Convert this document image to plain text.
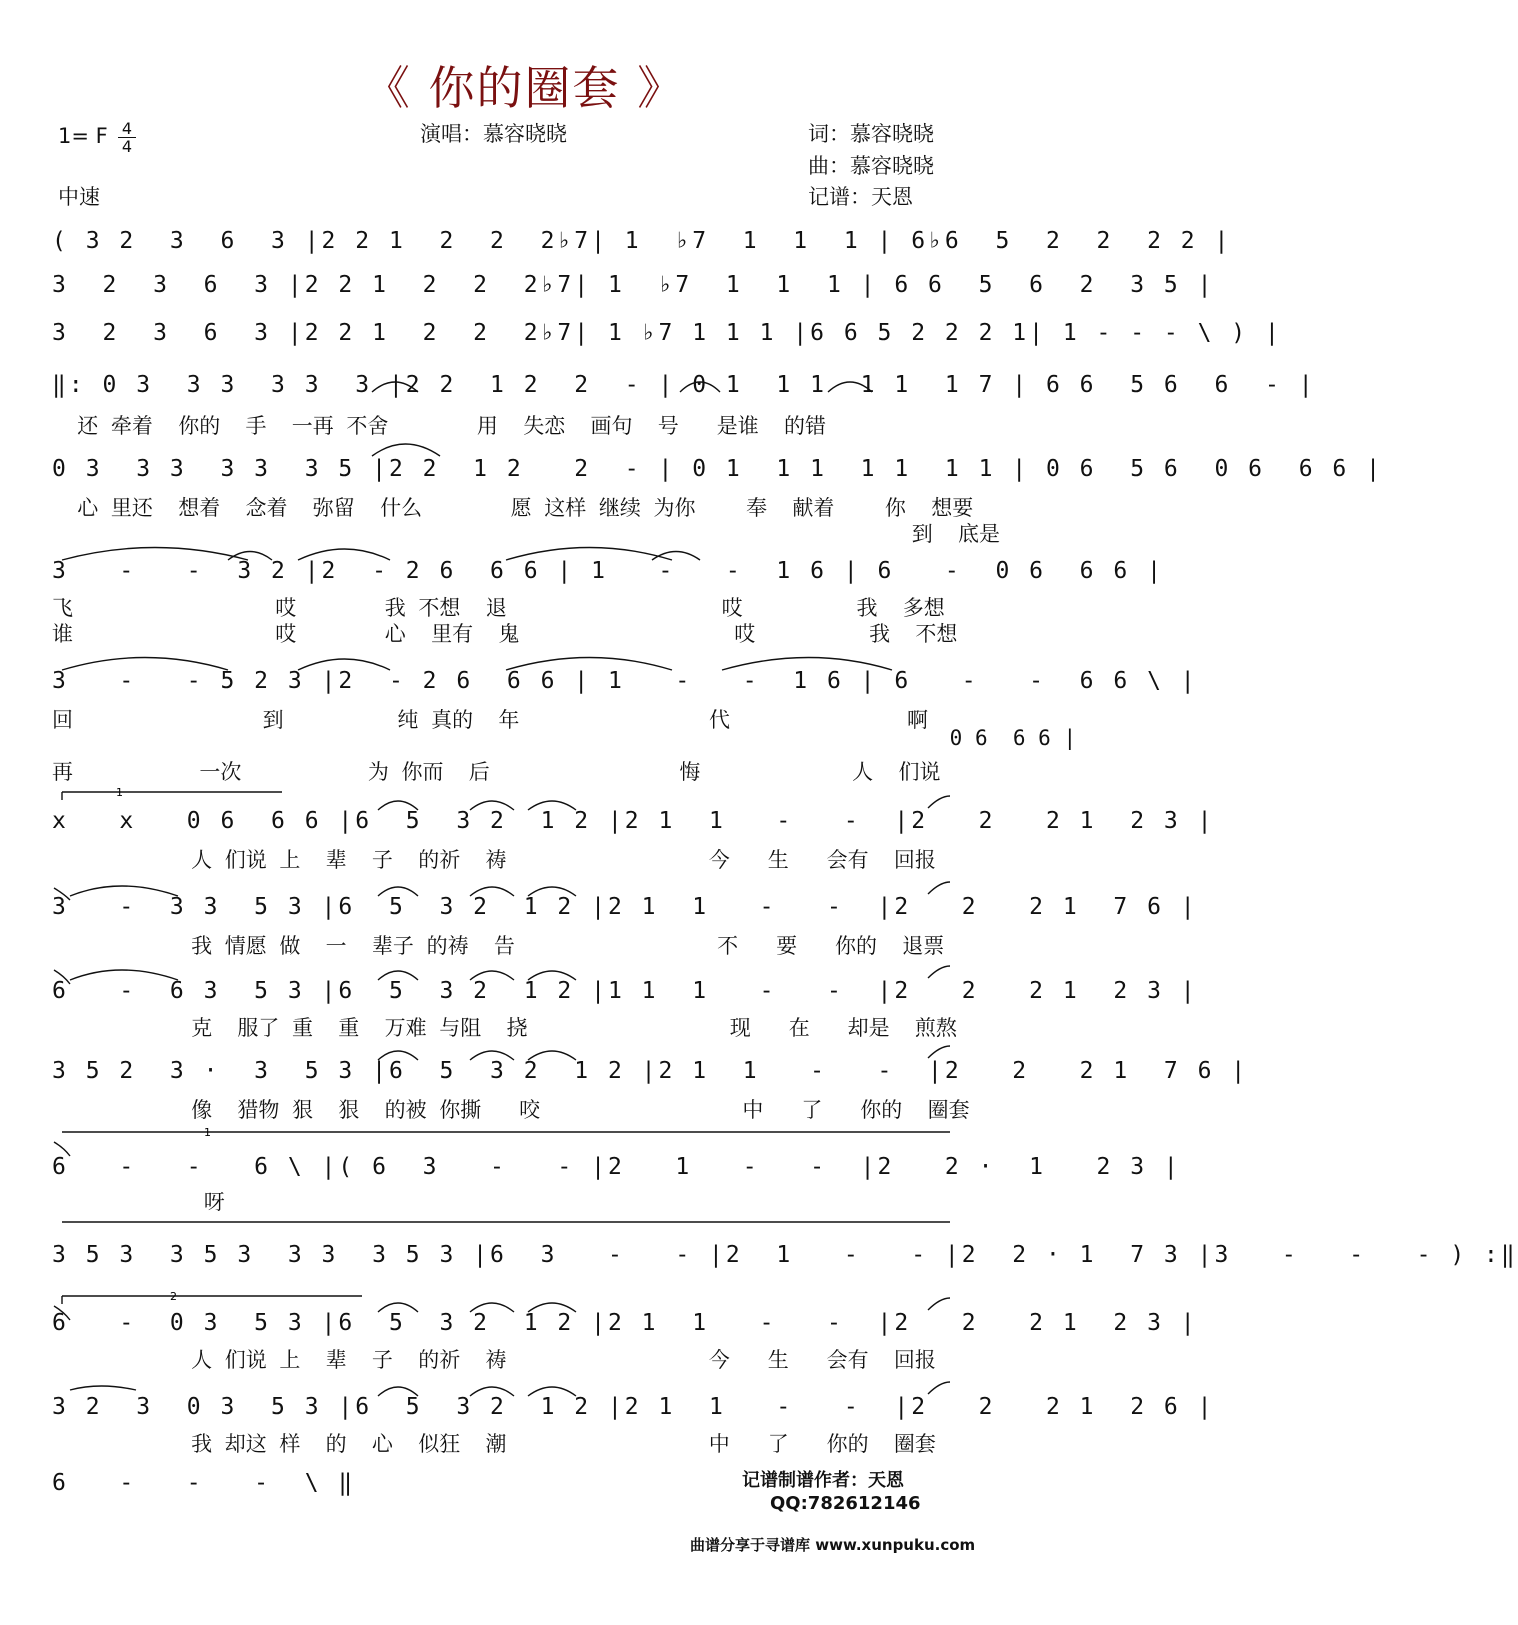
《 你的圈套 》
1= F $\frac{4}{4}$	演唱：慕容晓晓	词：慕容晓晓
曲：慕容晓晓
记谱：天恩
中速
( 3 2  3  6  3 |2 2 1  2  2  2♭7| 1  ♭7  1  1  1 | 6♭6  5  2  2  2 2 |
3  2  3  6  3 |2 2 1  2  2  2♭7| 1  ♭7  1  1  1 | 6 6  5  6  2  3 5 |
3  2  3  6  3 |2 2 1  2  2  2♭7| 1 ♭7 1 1 1 |6 6 5 2 2 2 1| 1 - - - \ ) |
‖: 0 3  3 3  3 3  3 |2 2  1 2  2  - | 0 1  1 1  1 1  1 7 | 6 6  5 6  6  - |
还 牵着  你的  手  一再 不舍       用  失恋  画句  号   是谁  的错
0 3  3 3  3 3  3 5 |2 2  1 2   2  - | 0 1  1 1  1 1  1 1 | 0 6  5 6  0 6  6 6 |
心 里还  想着  念着  弥留  什么       愿 这样 继续 为你    奉  献着    你  想要
到  底是
3   -   -  3 2 |2  - 2 6  6 6 | 1   -   -  1 6 | 6   -  0 6  6 6 |
飞                哎       我 不想  退                 哎         我  多想
谁                哎       心  里有  鬼                 哎         我  不想
3   -   - 5 2 3 |2  - 2 6  6 6 | 1   -   -  1 6 | 6   -   -  6 6 \ |
回               到         纯 真的  年               代              啊
0 6  6 6 |
再          一次          为 你而  后               悔            人  们说
x   x   0 6  6 6 |6  5  3 2  1 2 |2 1  1   -   -  |2   2   2 1  2 3 |
人 们说 上  辈  子  的祈  祷                今   生   会有  回报
3   -  3 3  5 3 |6  5  3 2  1 2 |2 1  1   -   -  |2   2   2 1  7 6 |
我 情愿 做  一  辈子 的祷  告                不   要   你的  退票
6   -  6 3  5 3 |6  5  3 2  1 2 |1 1  1   -   -  |2   2   2 1  2 3 |
克  服了 重  重  万难 与阻  挠                现   在   却是  煎熬
3 5 2  3 ·  3  5 3 |6  5  3 2  1 2 |2 1  1   -   -  |2   2   2 1  7 6 |
像  猎物 狠  狠  的被 你撕   咬                中   了   你的  圈套
6   -   -   6 \ |( 6  3   -   - |2   1   -   -  |2   2 ·  1   2 3 |
呀
3 5 3  3 5 3  3 3  3 5 3 |6  3   -   - |2  1   -   - |2  2 · 1  7 3 |3   -   -   - ) :‖
6   -  0 3  5 3 |6  5  3 2  1 2 |2 1  1   -   -  |2   2   2 1  2 3 |
人 们说 上  辈  子  的祈  祷                今   生   会有  回报
3 2  3  0 3  5 3 |6  5  3 2  1 2 |2 1  1   -   -  |2   2   2 1  2 6 |
我 却这 样  的  心  似狂  潮                中   了   你的  圈套
6   -   -   -  \ ‖
1
1
2
记谱制谱作者：天恩
QQ:782612146
曲谱分享于寻谱库 www.xunpuku.com
